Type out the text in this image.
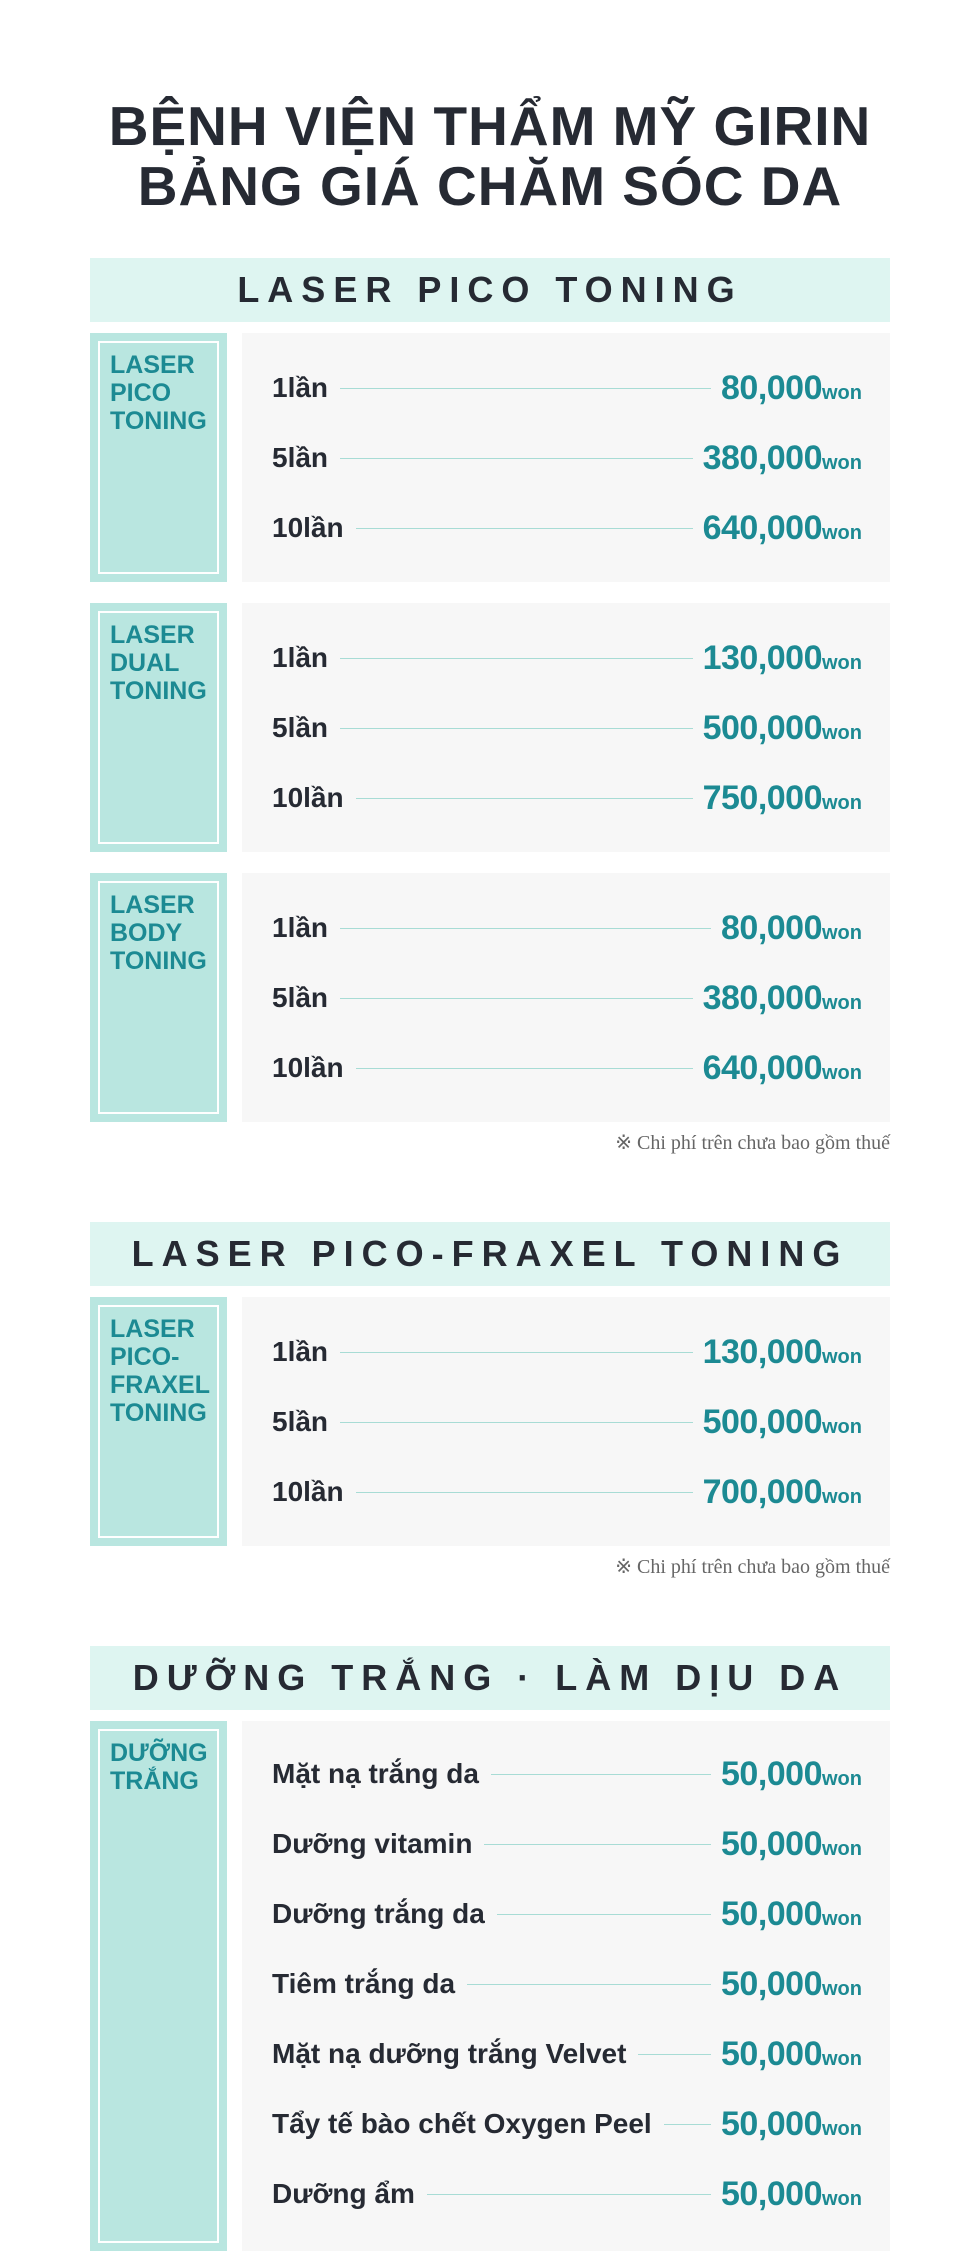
BỆNH VIỆN THẨM MỸ GIRIN
BẢNG GIÁ CHĂM SÓC DA
LASER PICO TONING
LASER
PICO
TONING
1lần	80,000 won
5lần	380,000 won
10lần	640,000 won
LASER
DUAL
TONING
1lần	130,000 won
5lần	500,000 won
10lần	750,000 won
LASER
BODY
TONING
1lần	80,000 won
5lần	380,000 won
10lần	640,000 won
※ Chi phí trên chưa bao gồm thuế
LASER PICO-FRAXEL TONING
LASER
PICO-
FRAXEL
TONING
1lần	130,000 won
5lần	500,000 won
10lần	700,000 won
※ Chi phí trên chưa bao gồm thuế
DƯỠNG TRẮNG · LÀM DỊU DA
DƯỠNG
TRẮNG	Mặt nạ trắng da	50,000 won
Dưỡng vitamin	50,000 won
Dưỡng trắng da	50,000 won
Tiêm trắng da	50,000 won
Mặt nạ dưỡng trắng Velvet	50,000 won
Tẩy tế bào chết Oxygen Peel 50,000 won
Dưỡng ẩm	50,000 won
